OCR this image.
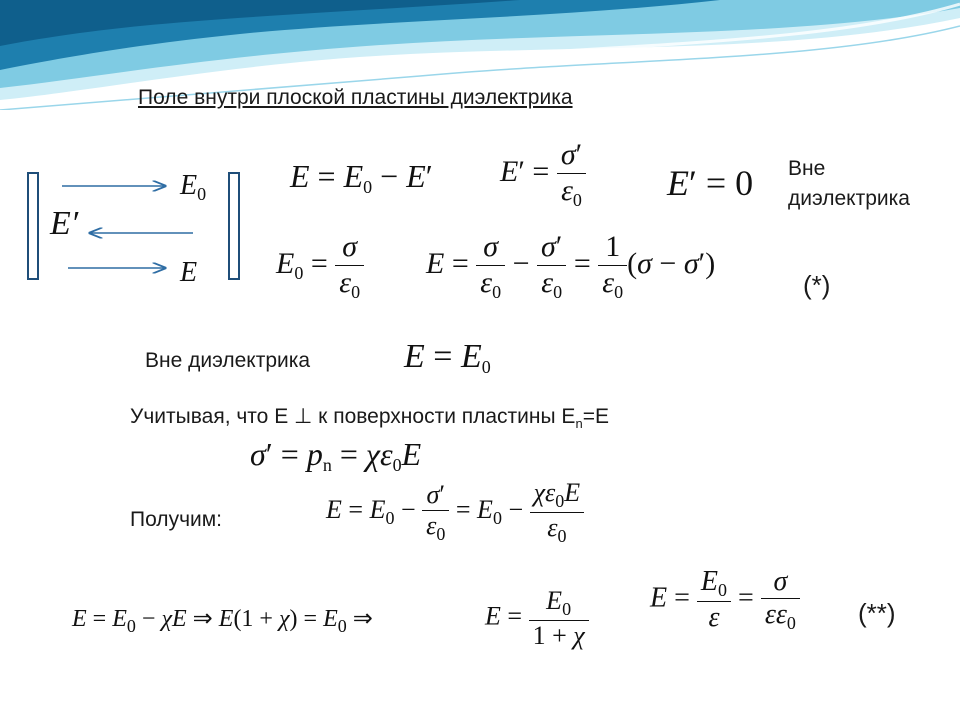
Поле внутри плоской пластины диэлектрика
$E_0$
E′
E
$E = E_0 - E'$ $E' = \frac{\sigma'}{\varepsilon_0} E' = 0$ Вне
диэлектрика
$E_0 = \frac{\sigma}{\varepsilon_0}$ $E = \frac{\sigma}{\varepsilon_0} - \frac{\sigma'}{\varepsilon_0} = \frac{1}{\varepsilon_0} (\sigma - \sigma')$
(*)
Вне диэлектрика	$E = E_0$
Учитывая, что E ⊥ к поверхности пластины $E_n=E$
$\sigma' = p_n = \chi\varepsilon_0E$
Получим:	$E = E_0 - \frac{\sigma'}{\varepsilon_0} = E_0 - \frac{\chi\varepsilon_0E}{\varepsilon_0}$
$E = E_0 - \chi E$ ⇒ $E(1 + \chi) = E_0$ ⇒	$E = \frac{E_0}{1 + \chi}$ $E = \frac{E_0}{\varepsilon} = \frac{\sigma}{\varepsilon\varepsilon_0}$ (**)
